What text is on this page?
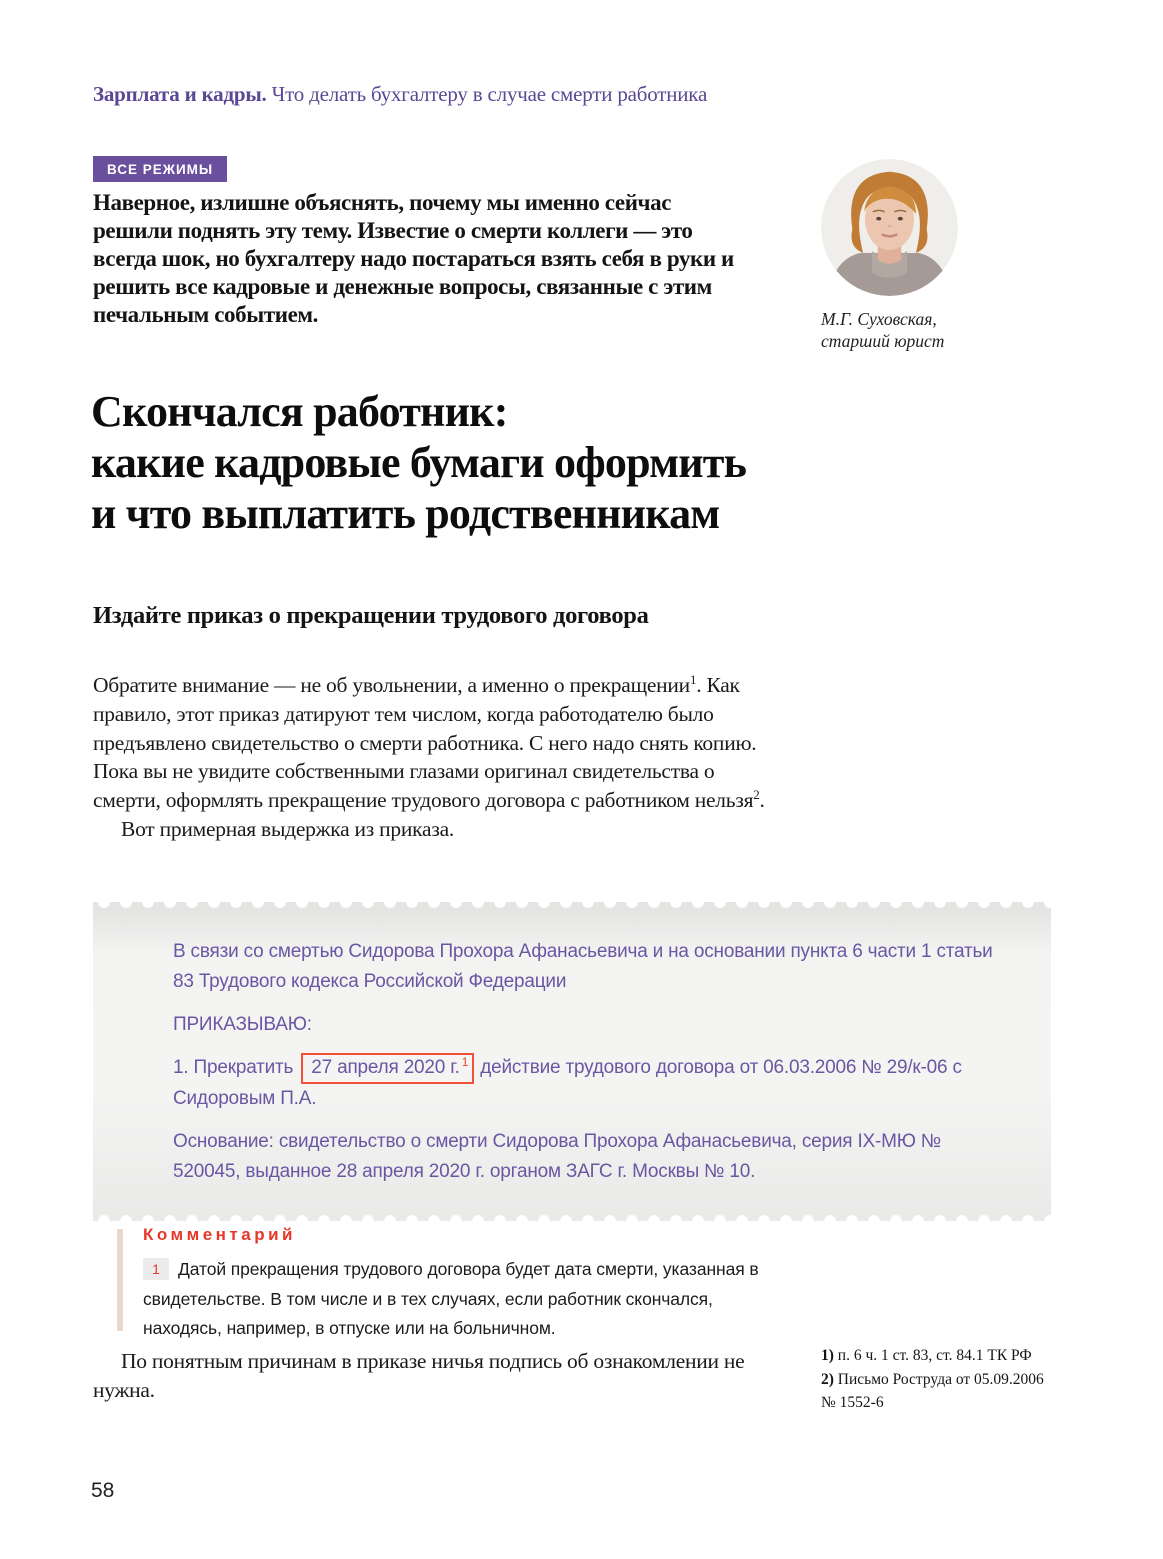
Зарплата и кадры. Что делать бухгалтеру в случае смерти работника
ВСЕ РЕЖИМЫ

Наверное, излишне объяснять, почему мы именно сейчас решили поднять эту тему. Известие о смерти коллеги — это всегда шок, но бухгалтеру надо постараться взять себя в руки и решить все кадровые и денежные вопросы, связанные с этим печальным событием.	М.Г. Суховская,
старший юрист
Скончался работник:
какие кадровые бумаги оформить
и что выплатить родственникам
Издайте приказ о прекращении трудового договора

Обратите внимание — не об увольнении, а именно о прекращении$^1$. Как правило, этот приказ датируют тем числом, когда работодателю было предъявлено свидетельство о смерти работника. С него надо снять копию. Пока вы не увидите собственными глазами оригинал свидетельства о смерти, оформлять прекращение трудового договора с работником нельзя$^2$.

Вот примерная выдержка из приказа.

В связи со смертью Сидорова Прохора Афанасьевича и на основании пункта 6 части 1 статьи 83 Трудового кодекса Российской Федерации

ПРИКАЗЫВАЮ:

1. Прекратить 27 апреля 2020 г. $^1$ действие трудового договора от 06.03.2006 № 29/к-06 с Сидоровым П.А.

Основание: свидетельство о смерти Сидорова Прохора Афанасьевича, серия IX-МЮ № 520045, выданное 28 апреля 2020 г. органом ЗАГС г. Москвы № 10.

Комментарий

1 Датой прекращения трудового договора будет дата смерти, указанная в свидетельстве. В том числе и в тех случаях, если работник скончался, находясь, например, в отпуске или на больничном.

По понятным причинам в приказе ничья подпись об ознакомлении не нужна.

1) п. 6 ч. 1 ст. 83, ст. 84.1 ТК РФ

2) Письмо Роструда от 05.09.2006 № 1552-6

58
